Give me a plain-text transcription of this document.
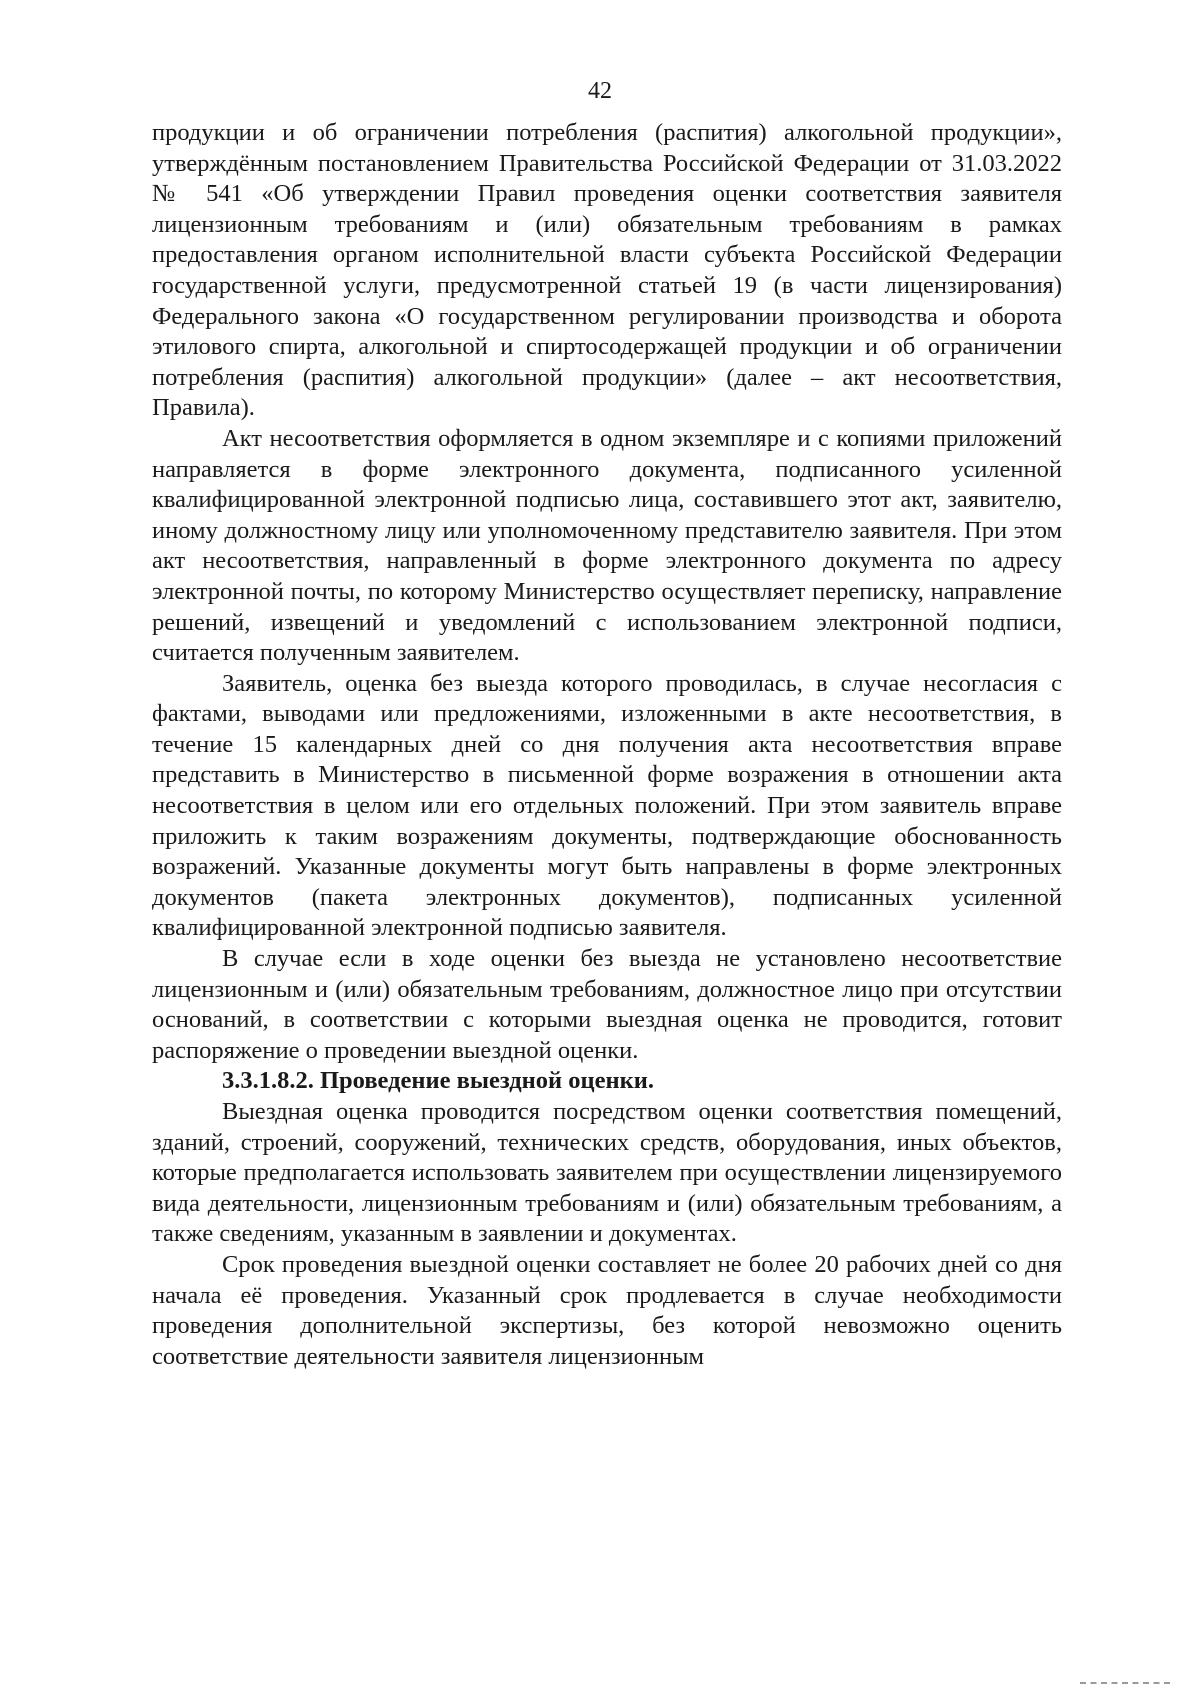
42

продукции и об ограничении потребления (распития) алкогольной продукции», утверждённым постановлением Правительства Российской Федерации от 31.03.2022 № 541 «Об утверждении Правил проведения оценки соответствия заявителя лицензионным требованиям и (или) обязательным требованиям в рамках предоставления органом исполнительной власти субъекта Российской Федерации государственной услуги, предусмотренной статьей 19 (в части лицензирования) Федерального закона «О государственном регулировании производства и оборота этилового спирта, алкогольной и спиртосодержащей продукции и об ограничении потребления (распития) алкогольной продукции» (далее – акт несоответствия, Правила).

Акт несоответствия оформляется в одном экземпляре и с копиями приложений направляется в форме электронного документа, подписанного усиленной квалифицированной электронной подписью лица, составившего этот акт, заявителю, иному должностному лицу или уполномоченному представителю заявителя. При этом акт несоответствия, направленный в форме электронного документа по адресу электронной почты, по которому Министерство осуществляет переписку, направление решений, извещений и уведомлений с использованием электронной подписи, считается полученным заявителем.

Заявитель, оценка без выезда которого проводилась, в случае несогласия с фактами, выводами или предложениями, изложенными в акте несоответствия, в течение 15 календарных дней со дня получения акта несоответствия вправе представить в Министерство в письменной форме возражения в отношении акта несоответствия в целом или его отдельных положений. При этом заявитель вправе приложить к таким возражениям документы, подтверждающие обоснованность возражений. Указанные документы могут быть направлены в форме электронных документов (пакета электронных документов), подписанных усиленной квалифицированной электронной подписью заявителя.

В случае если в ходе оценки без выезда не установлено несоответствие лицензионным и (или) обязательным требованиям, должностное лицо при отсутствии оснований, в соответствии с которыми выездная оценка не проводится, готовит распоряжение о проведении выездной оценки.

3.3.1.8.2. Проведение выездной оценки.

Выездная оценка проводится посредством оценки соответствия помещений, зданий, строений, сооружений, технических средств, оборудования, иных объектов, которые предполагается использовать заявителем при осуществлении лицензируемого вида деятельности, лицензионным требованиям и (или) обязательным требованиям, а также сведениям, указанным в заявлении и документах.

Срок проведения выездной оценки составляет не более 20 рабочих дней со дня начала её проведения. Указанный срок продлевается в случае необходимости проведения дополнительной экспертизы, без которой невозможно оценить соответствие деятельности заявителя лицензионным
